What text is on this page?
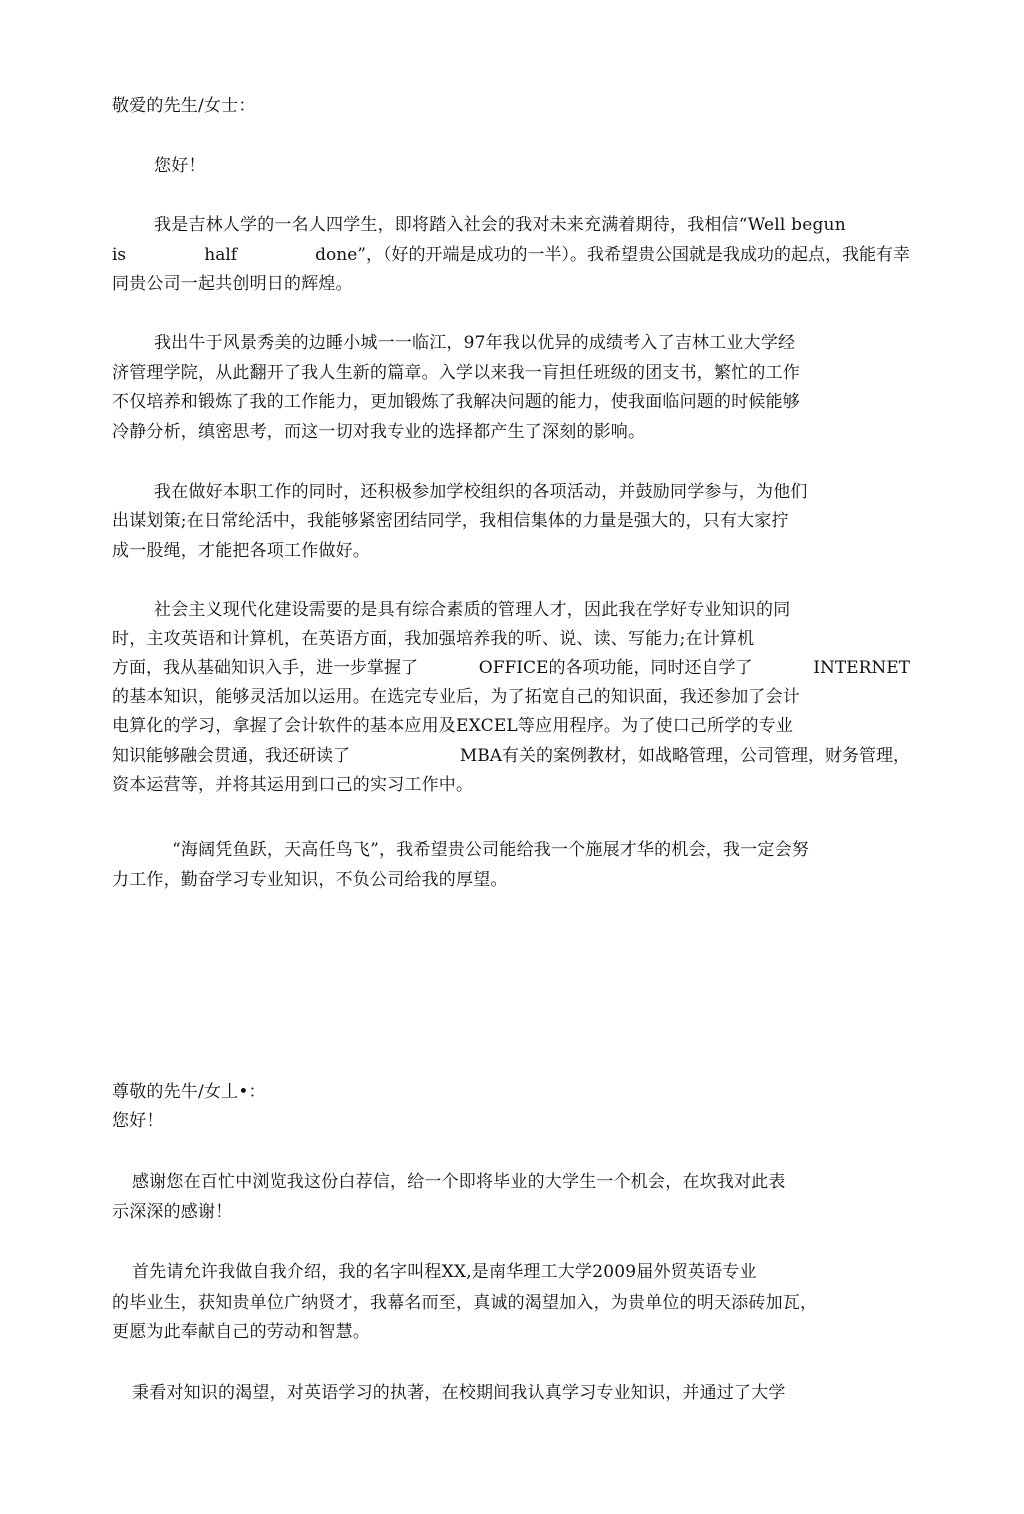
敬爱的先生/女士：
您好！
我是吉林人学的一名人四学生，即将踏入社会的我对未来充满着期待，我相信“Well begun
is	half	done”，（好的开端是成功的一半）。我希望贵公国就是我成功的起点，我能有幸
同贵公司一起共创明日的辉煌。
我出牛于风景秀美的边睡小城一一临江，97年我以优异的成绩考入了吉林工业大学经
济管理学院，从此翻开了我人生新的篇章。入学以来我一肓担任班级的团支书，繁忙的工作
不仅培养和锻炼了我的工作能力，更加锻炼了我解决问题的能力，使我面临问题的时候能够
冷静分析，缜密思考，而这一切对我专业的选择都产生了深刻的影响。
我在做好本职工作的同时，还积极参加学校组织的各项活动，并鼓励同学参与，为他们
出谋划策;在日常纶活中，我能够紧密团结同学，我相信集体的力量是强大的，只有大家拧
成一股绳，才能把各项工作做好。
社会主义现代化建设需要的是具有综合素质的管理人才，因此我在学好专业知识的同
时，主攻英语和计算机，在英语方面，我加强培养我的听、说、读、写能力;在计算机
方面，我从基础知识入手，进一步掌握了	OFFICE的各项功能，同时还自学了	INTERNET
的基本知识，能够灵活加以运用。在选完专业后，为了拓宽自己的知识面，我还参加了会计
电算化的学习，拿握了会计软件的基本应用及EXCEL等应用程序。为了使口己所学的专业
知识能够融会贯通，我还研读了	MBA有关的案例教材，如战略管理，公司管理，财务管理，
资本运营等，并将其运用到口己的实习工作中。
“海阔凭鱼跃，天高任鸟飞”，我希望贵公司能给我一个施展才华的机会，我一定会努
力工作，勤奋学习专业知识，不负公司给我的厚望。
尊敬的先牛/女丄•：
您好！
感谢您在百忙中浏览我这份白荐信，给一个即将毕业的大学生一个机会，在坎我对此表
示深深的感谢！
首先请允许我做自我介绍，我的名字叫程XX,是南华理工大学2009届外贸英语专业
的毕业生，获知贵单位广纳贤才，我幕名而至，真诚的渴望加入，为贵单位的明天添砖加瓦，
更愿为此奉献自己的劳动和智慧。
秉看对知识的渴望，对英语学习的执著，在校期间我认真学习专业知识，并通过了大学
